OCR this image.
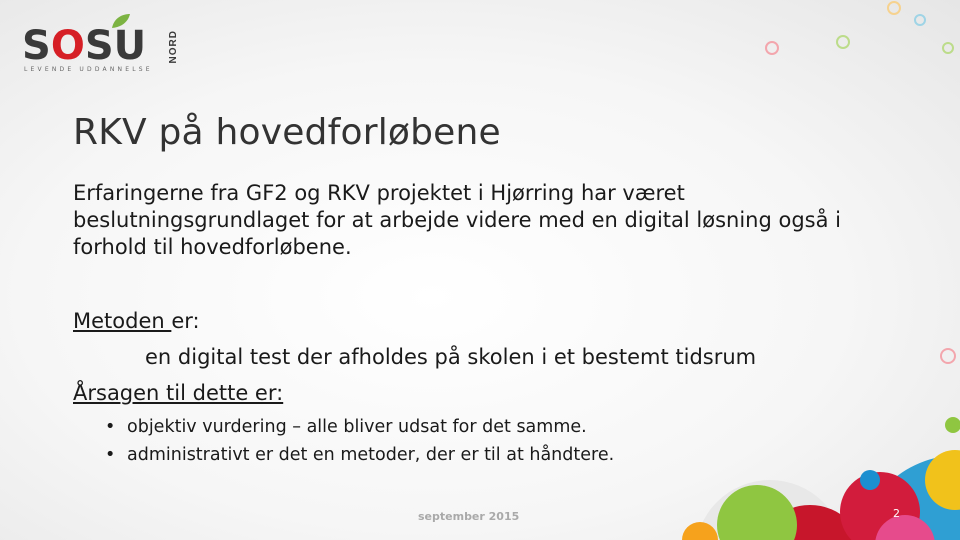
SOSU NORD
LEVENDE UDDANNELSE
RKV på hovedforløbene
Erfaringerne fra GF2 og RKV projektet i Hjørring har været beslutningsgrundlaget for at arbejde videre med en digital løsning også i forhold til hovedforløbene.
Metoden er:
en digital test der afholdes på skolen i et bestemt tidsrum
Årsagen til dette er:
• objektiv vurdering – alle bliver udsat for det samme.
• administrativt er det en metoder, der er til at håndtere.
september 2015	2
